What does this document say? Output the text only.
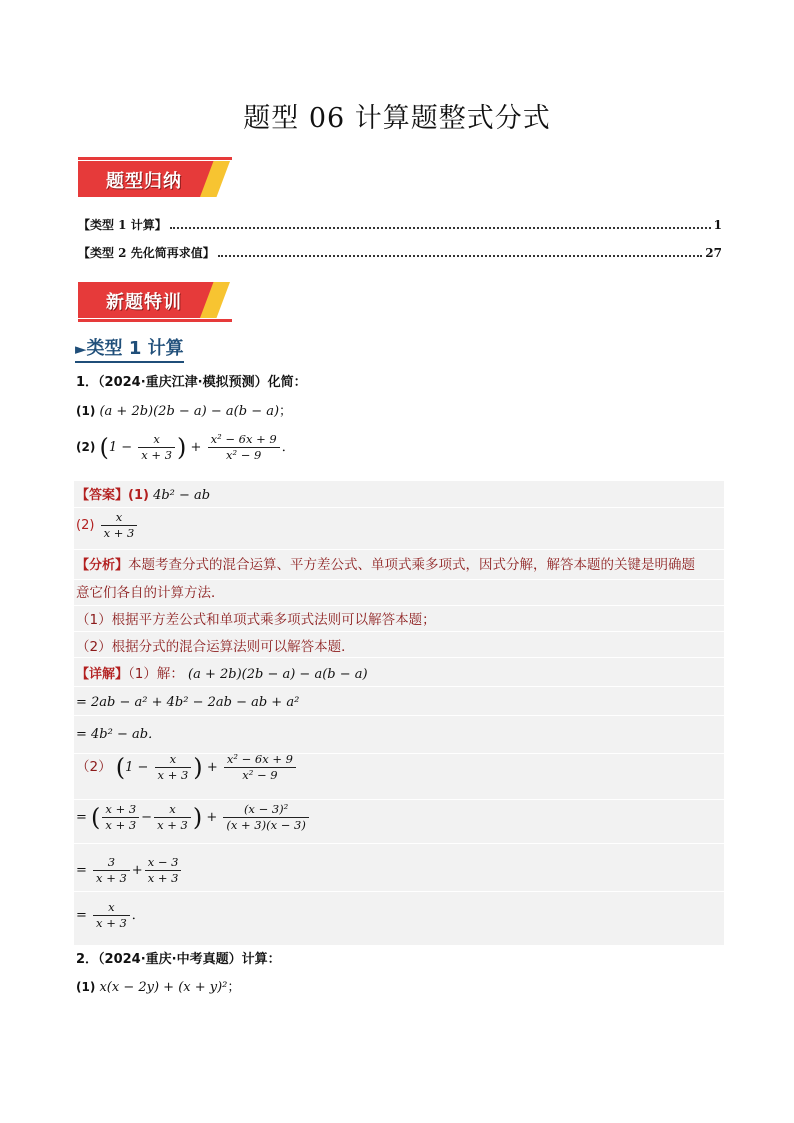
题型 06 计算题整式分式
题型归纳
【类型 1 计算】	1
【类型 2 先化简再求值】	27
新题特训
►类型 1 计算
1．（2024·重庆江津·模拟预测）化简：
(1) (a + 2b)(2b − a) − a(b − a)；
(2) ($1 - \frac{x}{x + 3}$ ) + $\frac{\text{x² − 6x + 9}}{\text{x² − 9}}$ ．
【答案】(1) 4b² − ab
$(2) \frac{x}{x + 3}$
【分析】本题考查分式的混合运算、平方差公式、单项式乘多项式，因式分解，解答本题的关键是明确题
意它们各自的计算方法．
（1）根据平方差公式和单项式乘多项式法则可以解答本题；
（2）根据分式的混合运算法则可以解答本题．
【详解】（1）解： (a + 2b)(2b − a) − a(b − a)
= 2ab − a² + 4b² − 2ab − ab + a²
= 4b² − ab．
（2） ($1 - \frac{x}{x + 3}$ ) + $\frac{\text{x² − 6x + 9}}{\text{x² − 9}}$
= ( $\frac{x + 3}{x + 3} - \frac{x}{x + 3}$ ) + $\frac{\text{(x − 3)²}}{(x + 3)(x - 3)}$
= $\frac{3}{x + 3} + \frac{x - 3}{x + 3}$
= $\frac{x}{x + 3}$ ．
2．（2024·重庆·中考真题）计算：
(1) x(x − 2y) + (x + y)²；
